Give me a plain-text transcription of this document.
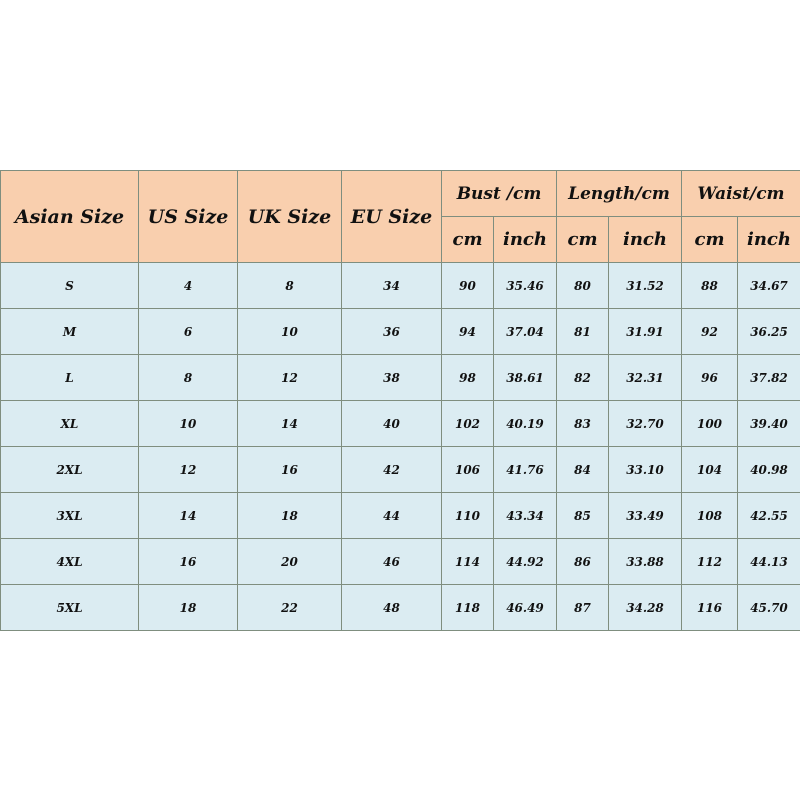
Asian Size	US Size	UK Size	EU Size	Bust /cm		Length/cm		Waist/cm	
				cm	inch	cm	inch	cm	inch
S	4	8	34	90	35.46	80	31.52	88	34.67
M	6	10	36	94	37.04	81	31.91	92	36.25
L	8	12	38	98	38.61	82	32.31	96	37.82
XL	10	14	40	102	40.19	83	32.70	100	39.40
2XL	12	16	42	106	41.76	84	33.10	104	40.98
3XL	14	18	44	110	43.34	85	33.49	108	42.55
4XL	16	20	46	114	44.92	86	33.88	112	44.13
5XL	18	22	48	118	46.49	87	34.28	116	45.70
